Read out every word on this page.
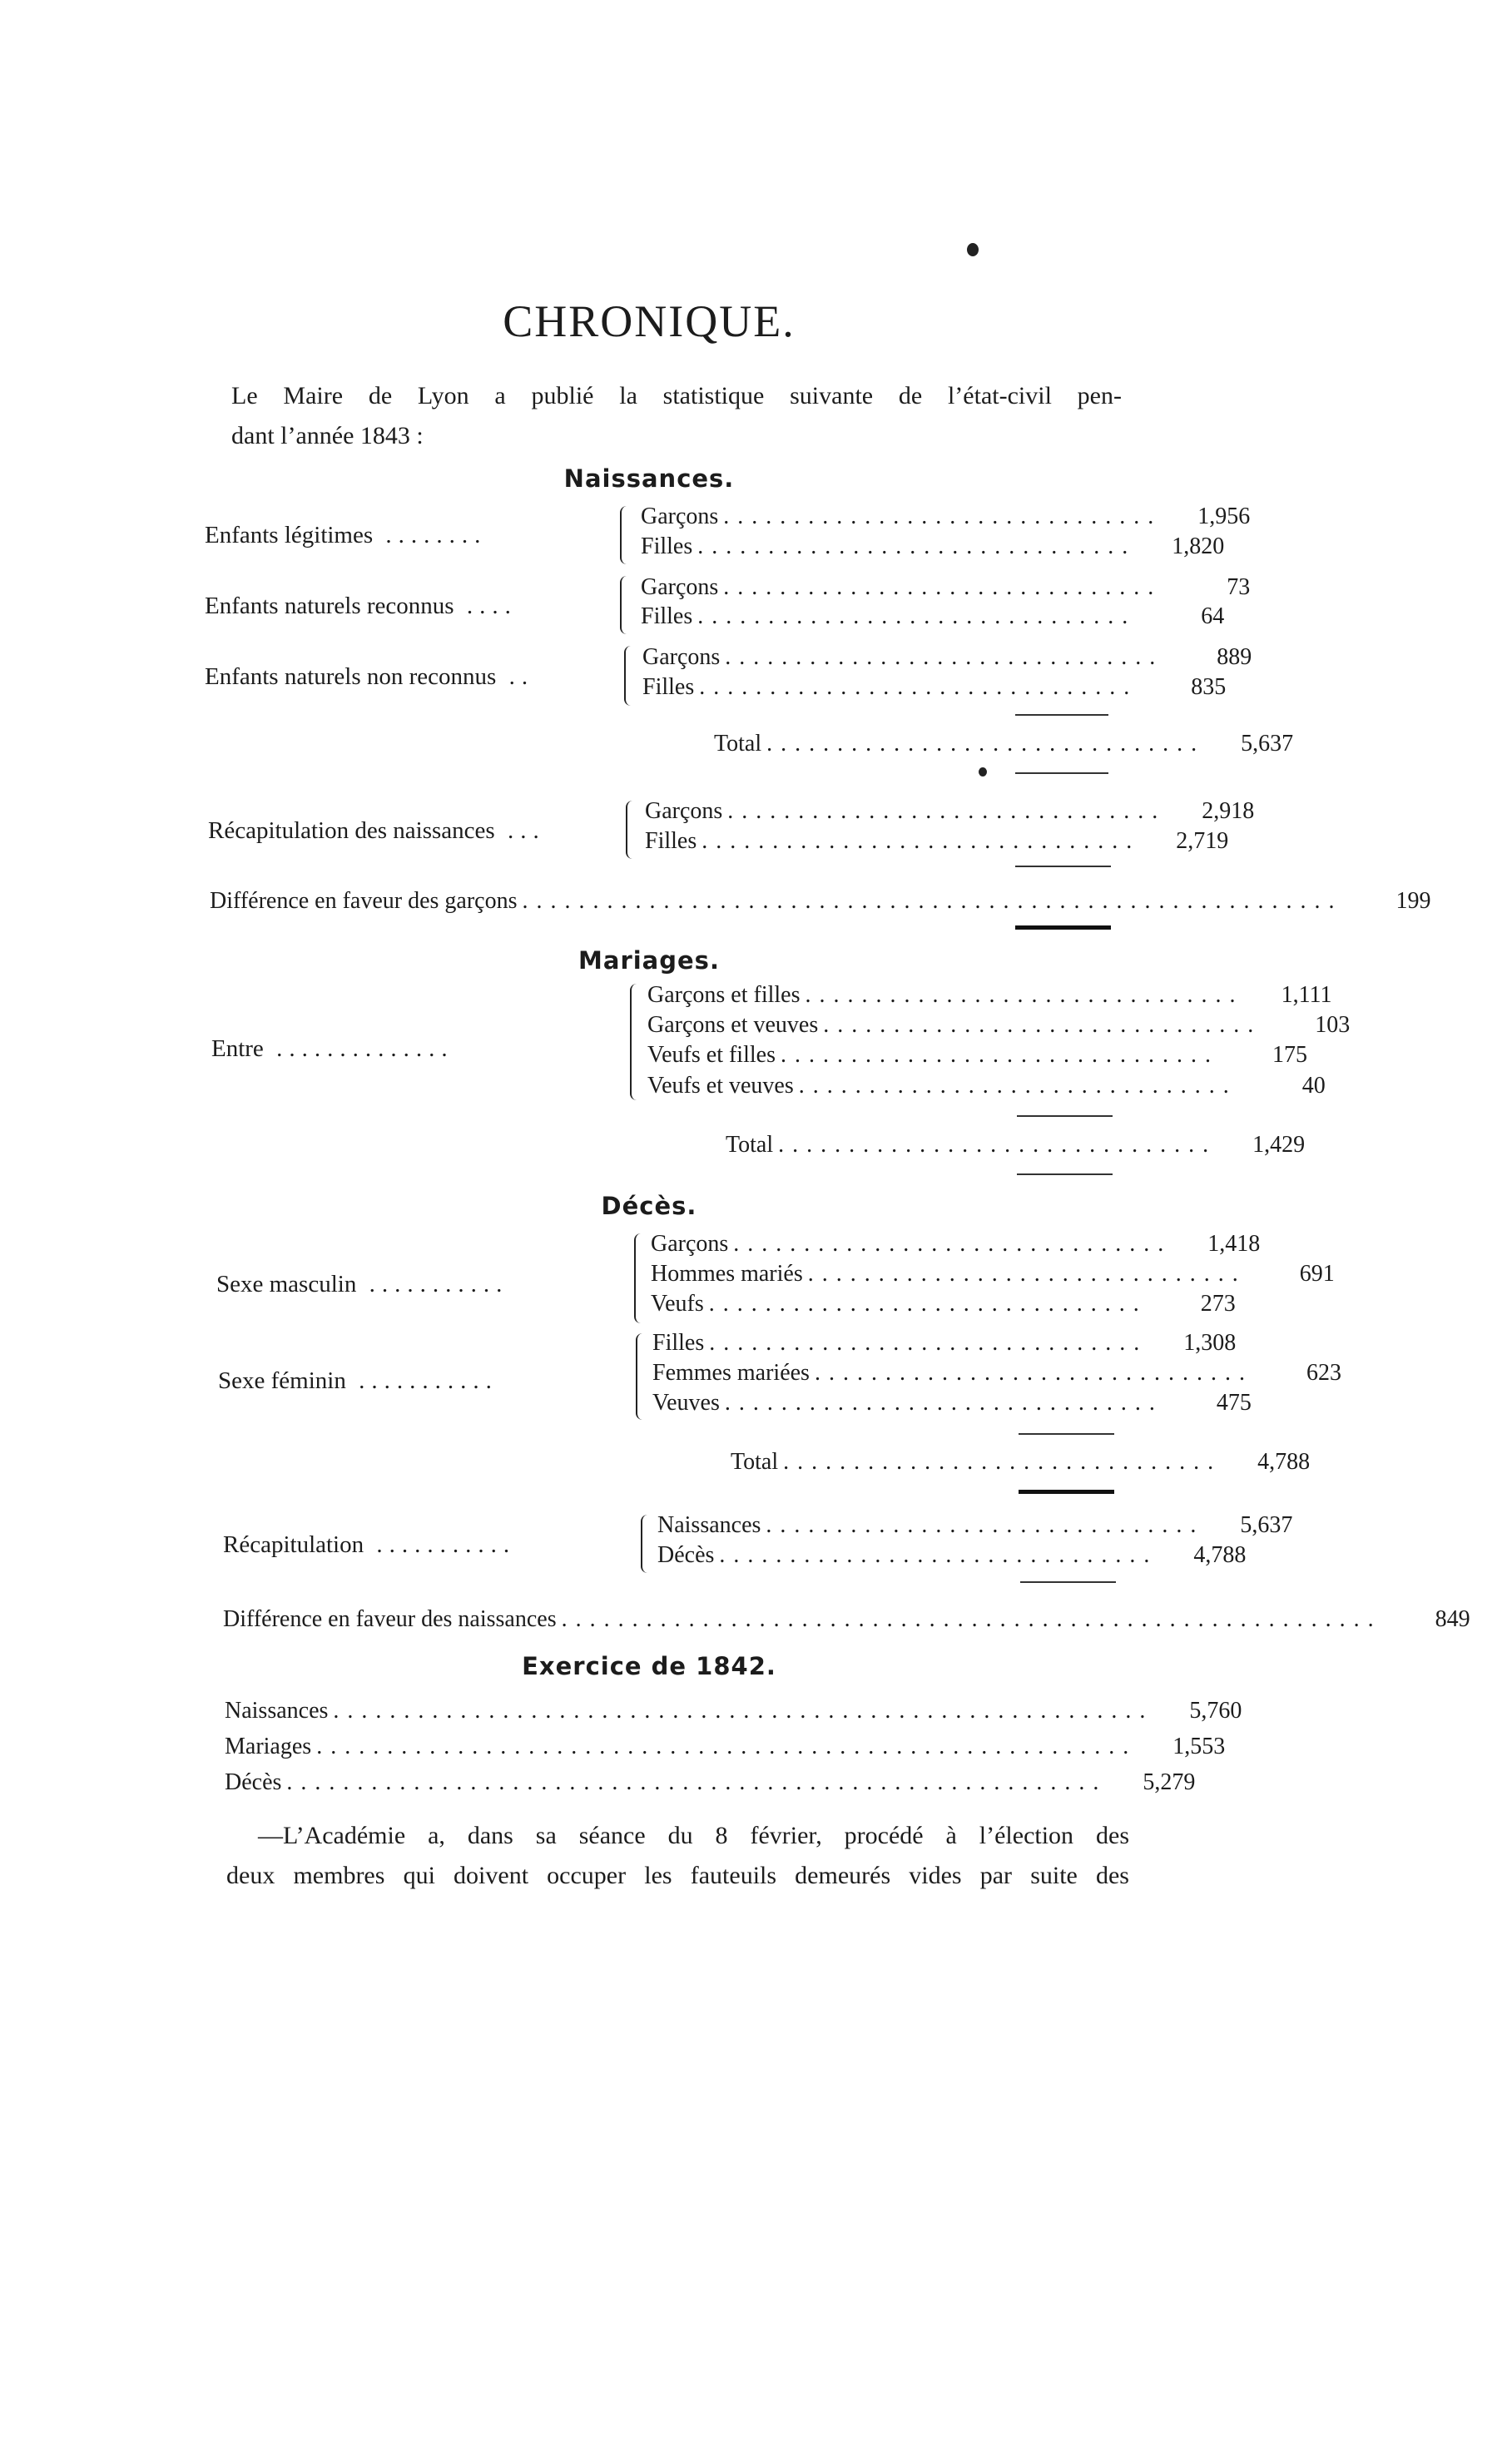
CHRONIQUE.
Le Maire de Lyon a publié la statistique suivante de l’état-civil pen-
dant l’année 1843 :
Naissances.
Enfants légitimes ........
Garçons ...............................	1,956
Filles ...............................	1,820
Enfants naturels reconnus ....
Garçons ...............................	73
Filles ...............................	64
Enfants naturels non reconnus ..
Garçons ...............................	889
Filles ...............................	835
Total ...............................	5,637
Récapitulation des naissances ...
Garçons ...............................	2,918
Filles ...............................	2,719
Différence en faveur des garçons ..........................................................	199
Mariages.
Entre ..............
Garçons et filles ...............................	1,111
Garçons et veuves ...............................	103
Veufs et filles ...............................	175
Veufs et veuves ...............................	40
Total ...............................	1,429
Décès.
Sexe masculin ...........
Garçons ...............................	1,418
Hommes mariés ...............................	691
Veufs ...............................	273
Sexe féminin ...........
Filles ...............................	1,308
Femmes mariées ...............................	623
Veuves ...............................	475
Total ...............................	4,788
Récapitulation ...........
Naissances ...............................	5,637
Décès ...............................	4,788
Différence en faveur des naissances ..........................................................	849
Exercice de 1842.
Naissances ..........................................................	5,760
Mariages ..........................................................	1,553
Décès ..........................................................	5,279
—L’Académie a, dans sa séance du 8 février, procédé à l’élection des
deux membres qui doivent occuper les fauteuils demeurés vides par suite des
